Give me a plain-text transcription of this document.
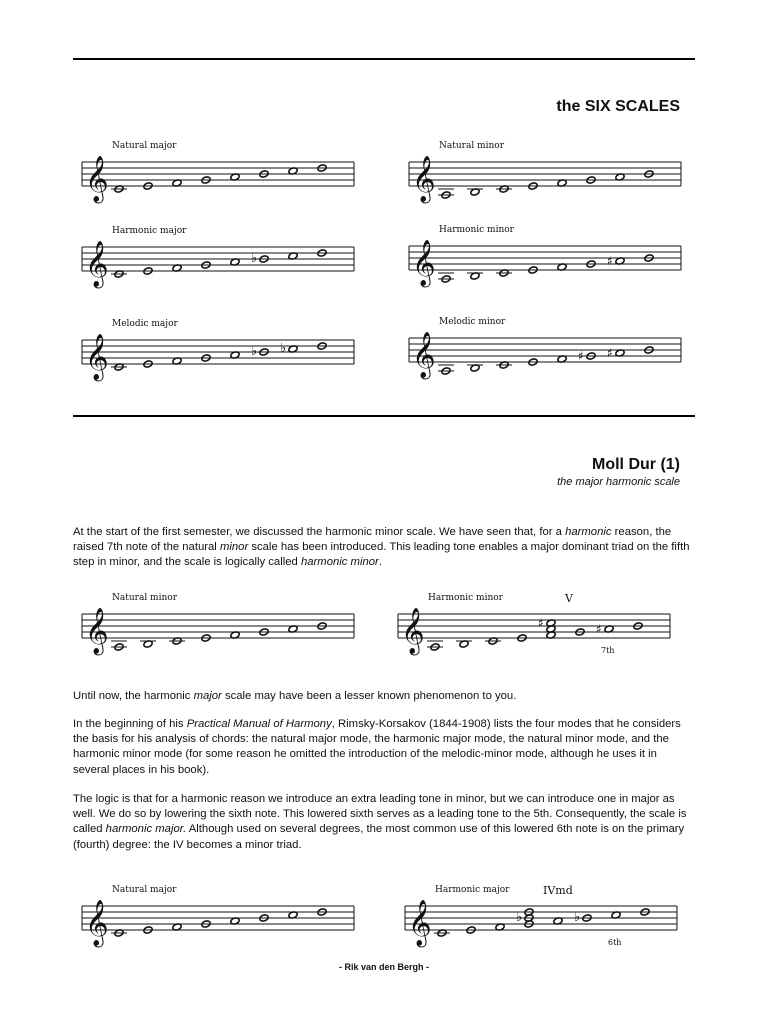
the SIX SCALES
Natural major
𝄞
Natural minor
𝄞
Harmonic major
𝄞	♭
Harmonic minor
𝄞	♯
Melodic major
𝄞	♭ ♭
Melodic minor
𝄞	♯ ♯
Moll Dur (1)
the major harmonic scale
At the start of the first semester, we discussed the harmonic minor scale. We have seen that, for a harmonic reason, the raised 7th note of the natural minor scale has been introduced. This leading tone enables a major dominant triad on the fifth step in minor, and the scale is logically called harmonic minor.
Natural minor
𝄞
Harmonic minor
𝄞	♯	♯
V
7th
Until now, the harmonic major scale may have been a lesser known phenomenon to you.
In the beginning of his Practical Manual of Harmony, Rimsky-Korsakov (1844-1908) lists the four modes that he considers the basis for his analysis of chords: the natural major mode, the harmonic major mode, the natural minor mode, and the harmonic minor mode (for some reason he omitted the introduction of the melodic-minor mode, although he uses it in several places in his book).
The logic is that for a harmonic reason we introduce an extra leading tone in minor, but we can introduce one in major as well. We do so by lowering the sixth note. This lowered sixth serves as a leading tone to the 5th. Consequently, the scale is called harmonic major. Although used on several degrees, the most common use of this lowered 6th note is on the primary (fourth) degree: the IV becomes a minor triad.
Natural major
𝄞
Harmonic major
𝄞	♭	♭
IVmd
6th
- Rik van den Bergh -
